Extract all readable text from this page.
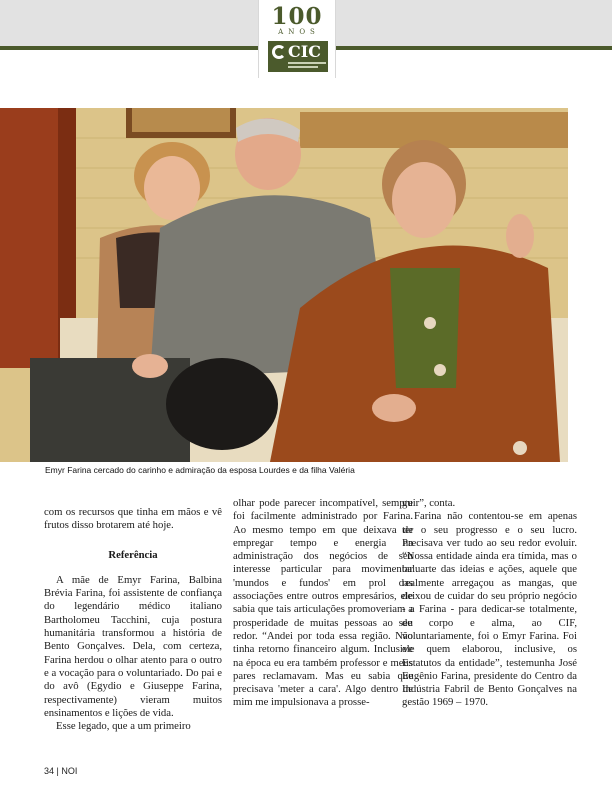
100
ANOS
CIC
Emyr Farina cercado do carinho e admiração da esposa Lourdes e da filha Valéria

com os recursos que tinha em mãos e vê frutos disso brotarem até hoje.

Referência

A mãe de Emyr Farina, Balbina Brévia Farina, foi assistente de confiança do legendário médico italiano Bartholomeu Tacchini, cuja postura humanitária transformou a história de Bento Gonçalves. Dela, com certeza, Farina herdou o olhar atento para o outro e a vocação para o voluntariado. Do pai e do avô (Egydio e Giuseppe Farina, respectivamente) vieram muitos ensinamentos e lições de vida.

Esse legado, que a um primeiro

olhar pode parecer incompatível, sempre foi facilmente administrado por Farina. Ao mesmo tempo em que deixava de empregar tempo e energia na administração dos negócios de seu interesse particular para movimentar 'mundos e fundos' em prol das associações entre outros empresários, ele sabia que tais articulações promoveriam a prosperidade de muitas pessoas ao seu redor. “Andei por toda essa região. Não tinha retorno financeiro algum. Inclusive na época eu era também professor e meus pares reclamavam. Mas eu sabia que precisava 'meter a cara'. Algo dentro de mim me impulsionava a prosse-

guir”, conta.

Farina não contentou-se em apenas ter o seu progresso e o seu lucro. Precisava ver tudo ao seu redor evoluir. “Nossa entidade ainda era tímida, mas o baluarte das ideias e ações, aquele que realmente arregaçou as mangas, que deixou de cuidar do seu próprio negócio - a Farina - para dedicar-se totalmente, de corpo e alma, ao CIF, voluntariamente, foi o Emyr Farina. Foi ele quem elaborou, inclusive, os Estatutos da entidade”, testemunha José Eugênio Farina, presidente do Centro da Indústria Fabril de Bento Gonçalves na gestão 1969 – 1970.

34 | NOI
